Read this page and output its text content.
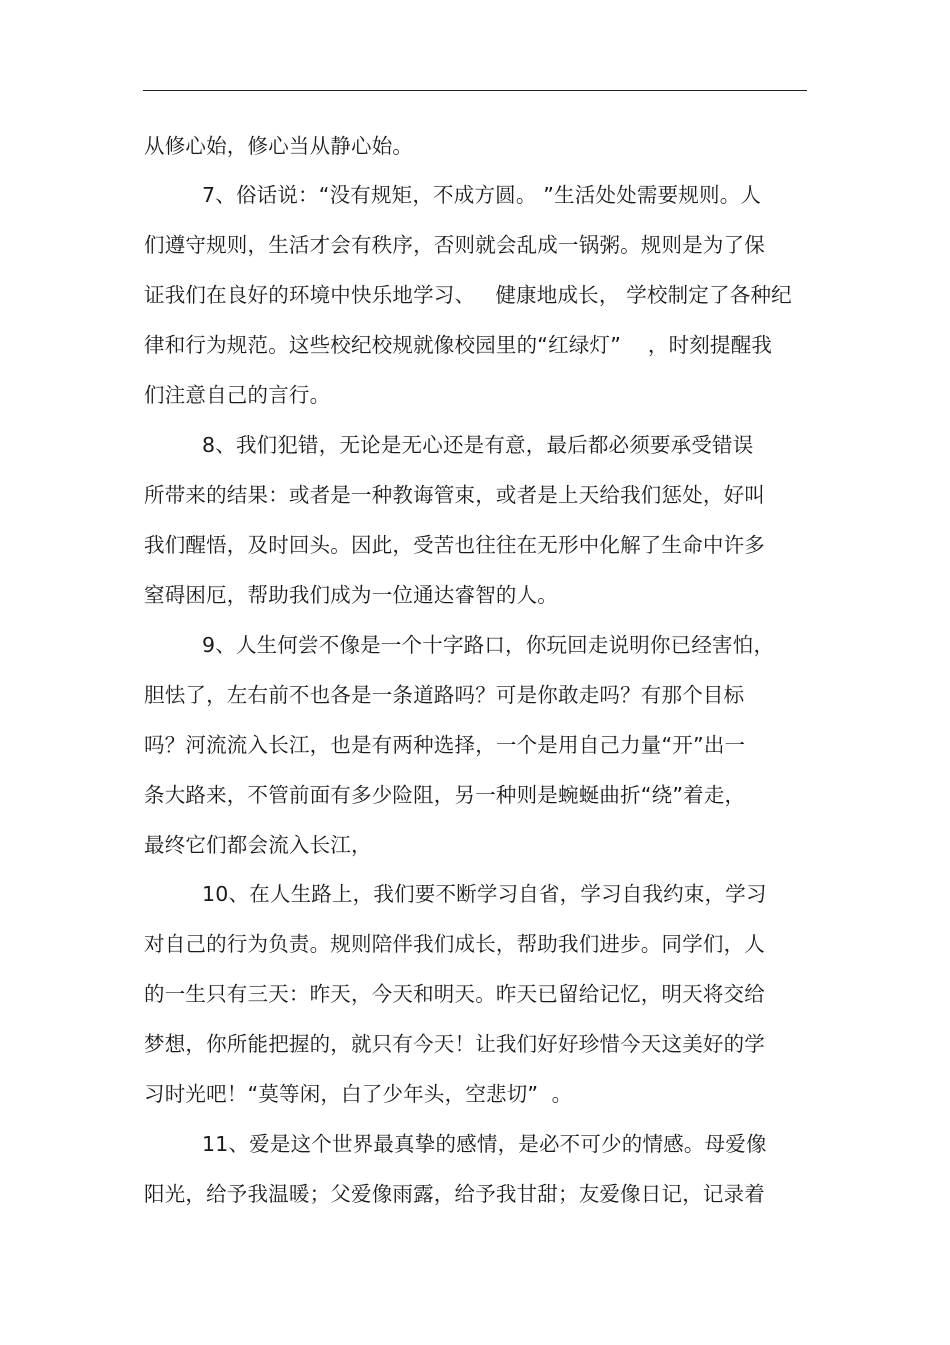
从修心始，修心当从静心始。
7、俗话说：“没有规矩，不成方圆。 ”生活处处需要规则。人
们遵守规则，生活才会有秩序，否则就会乱成一锅粥。规则是为了保
证我们在良好的环境中快乐地学习、   健康地成长， 学校制定了各种纪
律和行为规范。这些校纪校规就像校园里的“红绿灯”    ，时刻提醒我
们注意自己的言行。
8、我们犯错，无论是无心还是有意，最后都必须要承受错误
所带来的结果：或者是一种教诲管束，或者是上天给我们惩处，好叫
我们醒悟，及时回头。因此，受苦也往往在无形中化解了生命中许多
窒碍困厄，帮助我们成为一位通达睿智的人。
9、人生何尝不像是一个十字路口，你玩回走说明你已经害怕，
胆怯了，左右前不也各是一条道路吗？可是你敢走吗？有那个目标
吗？河流流入长江，也是有两种选择，一个是用自己力量“开”出一
条大路来，不管前面有多少险阻，另一种则是蜿蜒曲折“绕”着走，
最终它们都会流入长江，
10、在人生路上，我们要不断学习自省，学习自我约束，学习
对自己的行为负责。规则陪伴我们成长，帮助我们进步。同学们，人
的一生只有三天：昨天，今天和明天。昨天已留给记忆，明天将交给
梦想，你所能把握的，就只有今天！让我们好好珍惜今天这美好的学
习时光吧！“莫等闲，白了少年头，空悲切”  。
11、爱是这个世界最真挚的感情，是必不可少的情感。母爱像
阳光，给予我温暖；父爱像雨露，给予我甘甜；友爱像日记，记录着
